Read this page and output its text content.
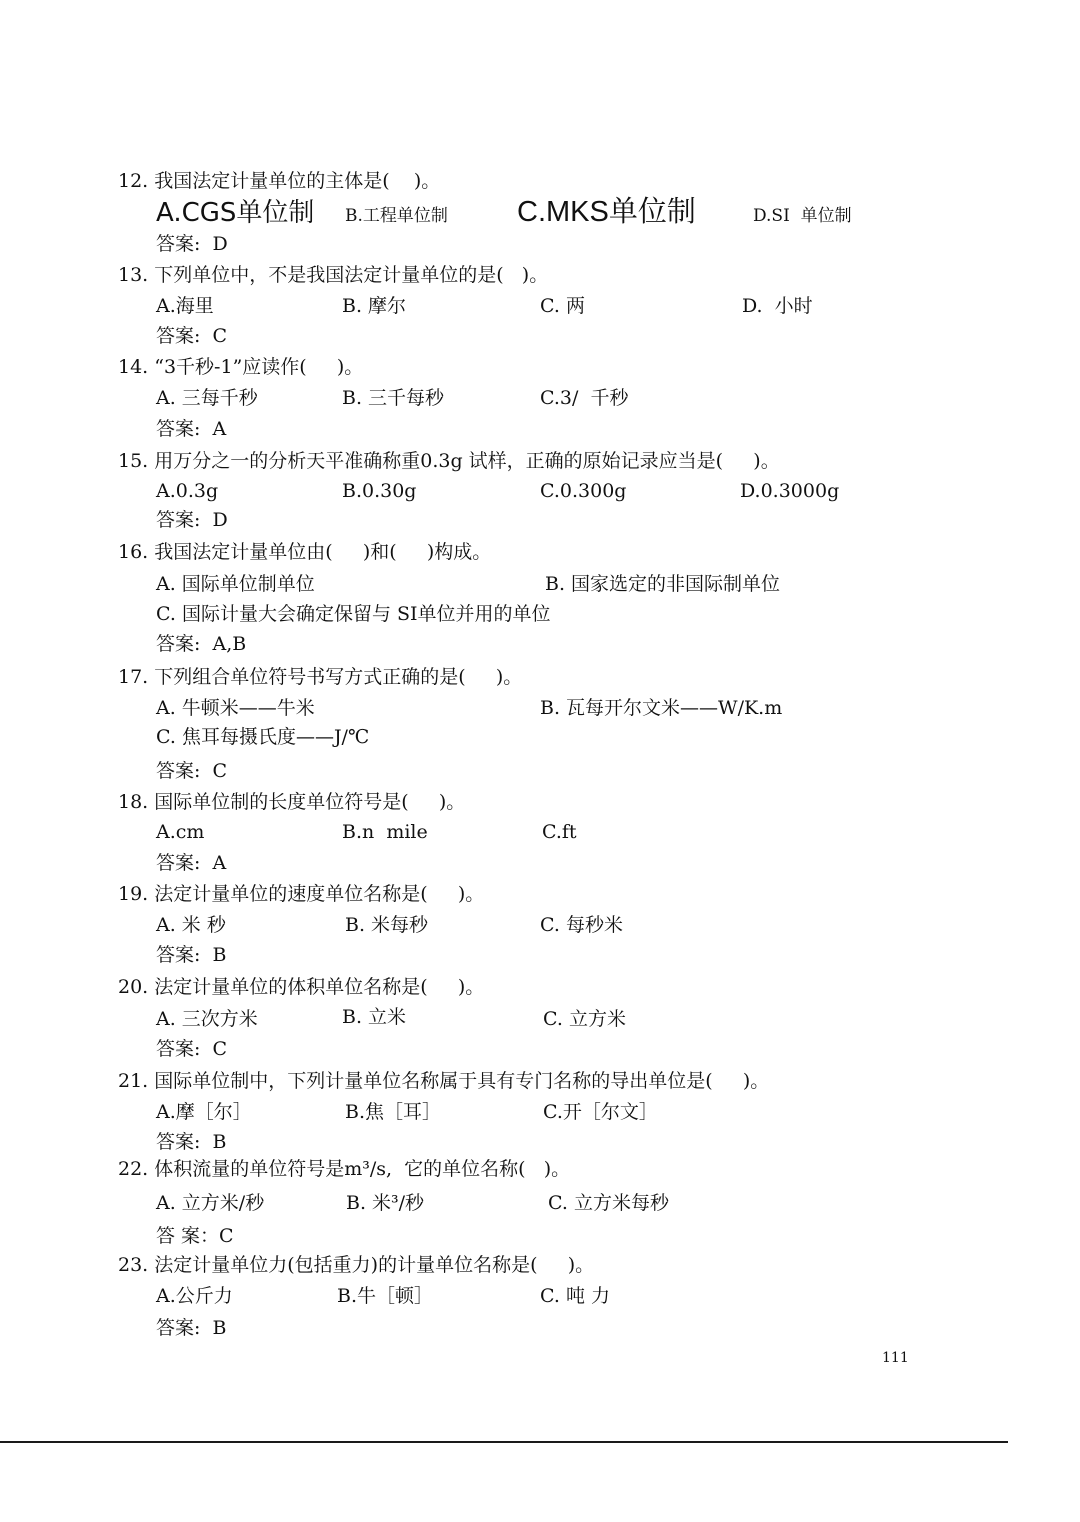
12. 我国法定计量单位的主体是(    )。
A.CGS单位制 B.工程单位制 C.MKS单位制	D.SI  单位制
答案:  D
13. 下列单位中，不是我国法定计量单位的是(   )。
A.海里	B. 摩尔	C. 两	D.  小时
答案:  C
14. “3千秒-1”应读作(     )。
A. 三每千秒	B. 三千每秒	C.3/  千秒
答案:  A
15. 用万分之一的分析天平准确称重0.3g 试样，正确的原始记录应当是(     )。
A.0.3g	B.0.30g	C.0.300g	D.0.3000g
答案:  D
16. 我国法定计量单位由(     )和(     )构成。
A. 国际单位制单位	B. 国家选定的非国际制单位
C. 国际计量大会确定保留与 SI单位并用的单位
答案:  A,B
17. 下列组合单位符号书写方式正确的是(     )。
A. 牛顿米——牛米	B. 瓦每开尔文米——W/K.m
C. 焦耳每摄氏度——J/℃
答案:  C
18. 国际单位制的长度单位符号是(     )。
A.cm	B.n  mile	C.ft
答案:  A
19. 法定计量单位的速度单位名称是(     )。
A. 米 秒	B. 米每秒	C. 每秒米
答案:  B
20. 法定计量单位的体积单位名称是(     )。
A. 三次方米	B. 立米	C. 立方米
答案:  C
21. 国际单位制中，下列计量单位名称属于具有专门名称的导出单位是(     )。
A.摩［尔］	B.焦［耳］	C.开［尔文］
答案:  B
22. 体积流量的单位符号是m³/s,  它的单位名称(   )。
A. 立方米/秒	B. 米³/秒	C. 立方米每秒
答 案：C
23. 法定计量单位力(包括重力)的计量单位名称是(     )。
A.公斤力	B.牛［顿］	C. 吨 力
答案:  B
111
